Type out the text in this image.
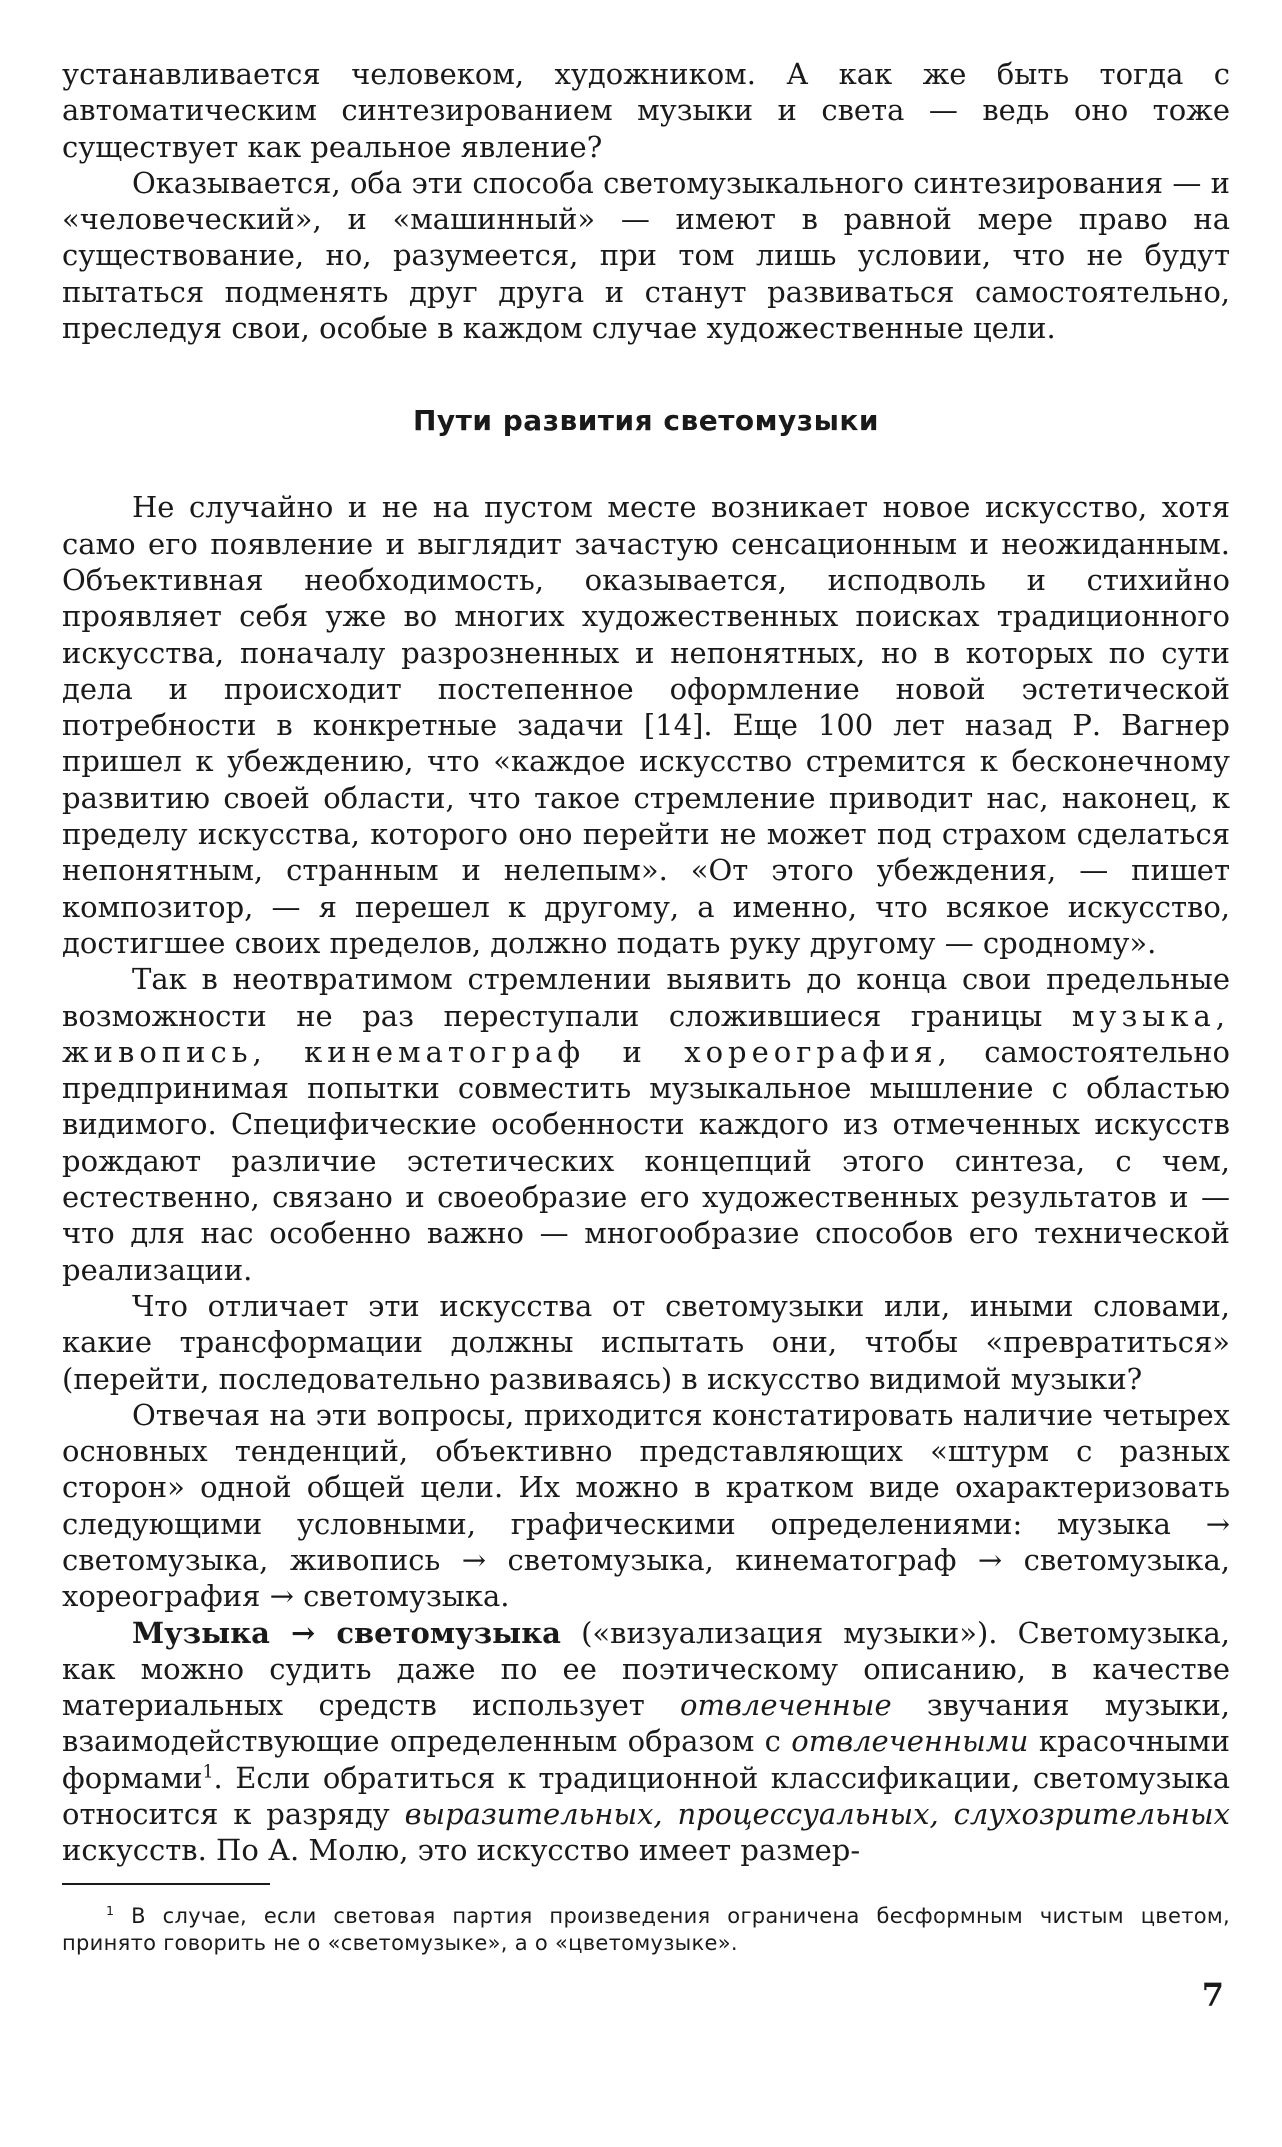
устанавливается человеком, художником. А как же быть тогда с автоматическим синтезированием музыки и света — ведь оно тоже существует как реальное явление?

Оказывается, оба эти способа светомузыкального синтезирования — и «человеческий», и «машинный» — имеют в равной мере право на существование, но, разумеется, при том лишь условии, что не будут пытаться подменять друг друга и станут развиваться самостоятельно, преследуя свои, особые в каждом случае художественные цели.

Пути развития светомузыки

Не случайно и не на пустом месте возникает новое искусство, хотя само его появление и выглядит зачастую сенсационным и неожиданным. Объективная необходимость, оказывается, исподволь и стихийно проявляет себя уже во многих художественных поисках традиционного искусства, поначалу разрозненных и непонятных, но в которых по сути дела и происходит постепенное оформление новой эстетической потребности в конкретные задачи [14]. Еще 100 лет назад Р. Вагнер пришел к убеждению, что «каждое искусство стремится к бесконечному развитию своей области, что такое стремление приводит нас, наконец, к пределу искусства, которого оно перейти не может под страхом сделаться непонятным, странным и нелепым». «От этого убеждения, — пишет композитор, — я перешел к другому, а именно, что всякое искусство, достигшее своих пределов, должно подать руку другому — сродному».

Так в неотвратимом стремлении выявить до конца свои предельные возможности не раз переступали сложившиеся границы музыка, живопись, кинематограф и хореография, самостоятельно предпринимая попытки совместить музыкальное мышление с областью видимого. Специфические особенности каждого из отмеченных искусств рождают различие эстетических концепций этого синтеза, с чем, естественно, связано и своеобразие его художественных результатов и — что для нас особенно важно — многообразие способов его технической реализации.

Что отличает эти искусства от светомузыки или, иными словами, какие трансформации должны испытать они, чтобы «превратиться» (перейти, последовательно развиваясь) в искусство видимой музыки?

Отвечая на эти вопросы, приходится констатировать наличие четырех основных тенденций, объективно представляющих «штурм с разных сторон» одной общей цели. Их можно в кратком виде охарактеризовать следующими условными, графическими определениями: музыка → светомузыка, живопись → светомузыка, кинематограф → светомузыка, хореография → светомузыка.

Музыка → светомузыка («визуализация музыки»). Светомузыка, как можно судить даже по ее поэтическому описанию, в качестве материальных средств использует отвлеченные звучания музыки, взаимодействующие определенным образом с отвлеченными красочными формами$^1$. Если обратиться к традиционной классификации, светомузыка относится к разряду выразительных, процессуальных, слухозрительных искусств. По А. Молю, это искусство имеет размер-

$^1$ В случае, если световая партия произведения ограничена бесформным чистым цветом, принято говорить не о «светомузыке», а о «цветомузыке».

7
